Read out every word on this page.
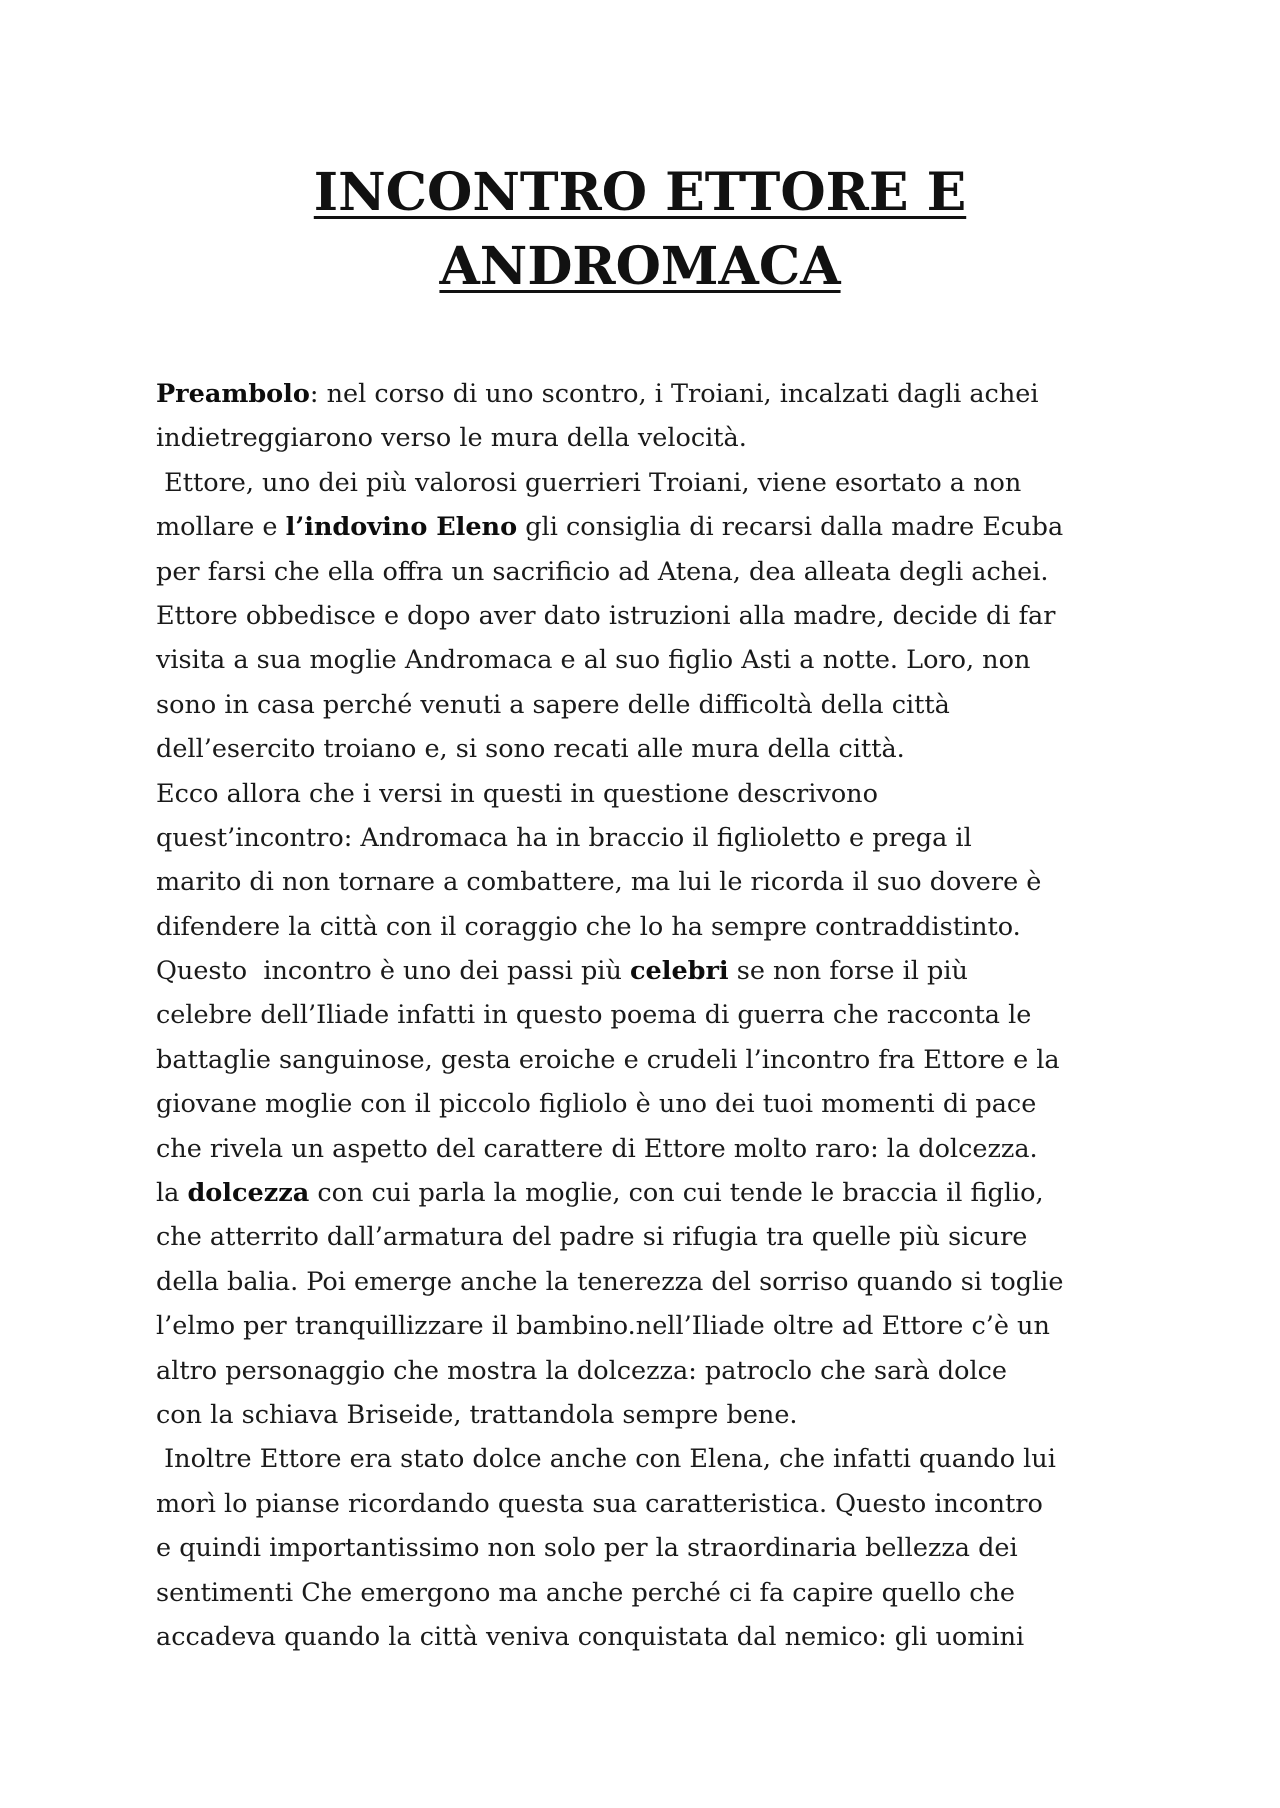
INCONTRO ETTORE E
ANDROMACA
Preambolo: nel corso di uno scontro, i Troiani, incalzati dagli achei
indietreggiarono verso le mura della velocità.
Ettore, uno dei più valorosi guerrieri Troiani, viene esortato a non
mollare e l’indovino Eleno gli consiglia di recarsi dalla madre Ecuba
per farsi che ella offra un sacrificio ad Atena, dea alleata degli achei.
Ettore obbedisce e dopo aver dato istruzioni alla madre, decide di far
visita a sua moglie Andromaca e al suo figlio Asti a notte. Loro, non
sono in casa perché venuti a sapere delle difficoltà della città
dell’esercito troiano e, si sono recati alle mura della città.
Ecco allora che i versi in questi in questione descrivono
quest’incontro: Andromaca ha in braccio il figlioletto e prega il
marito di non tornare a combattere, ma lui le ricorda il suo dovere è
difendere la città con il coraggio che lo ha sempre contraddistinto.
Questo  incontro è uno dei passi più celebri se non forse il più
celebre dell’Iliade infatti in questo poema di guerra che racconta le
battaglie sanguinose, gesta eroiche e crudeli l’incontro fra Ettore e la
giovane moglie con il piccolo figliolo è uno dei tuoi momenti di pace
che rivela un aspetto del carattere di Ettore molto raro: la dolcezza.
la dolcezza con cui parla la moglie, con cui tende le braccia il figlio,
che atterrito dall’armatura del padre si rifugia tra quelle più sicure
della balia. Poi emerge anche la tenerezza del sorriso quando si toglie
l’elmo per tranquillizzare il bambino.nell’Iliade oltre ad Ettore c’è un
altro personaggio che mostra la dolcezza: patroclo che sarà dolce
con la schiava Briseide, trattandola sempre bene.
Inoltre Ettore era stato dolce anche con Elena, che infatti quando lui
morì lo pianse ricordando questa sua caratteristica. Questo incontro
e quindi importantissimo non solo per la straordinaria bellezza dei
sentimenti Che emergono ma anche perché ci fa capire quello che
accadeva quando la città veniva conquistata dal nemico: gli uomini
